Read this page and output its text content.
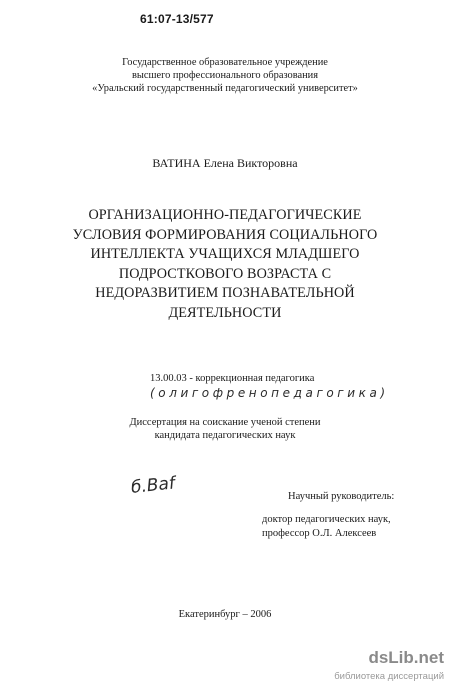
61:07-13/577
Государственное образовательное учреждение
высшего профессионального образования
«Уральский государственный педагогический университет»
ВАТИНА Елена Викторовна
ОРГАНИЗАЦИОННО-ПЕДАГОГИЧЕСКИЕ
УСЛОВИЯ ФОРМИРОВАНИЯ СОЦИАЛЬНОГО
ИНТЕЛЛЕКТА УЧАЩИХСЯ МЛАДШЕГО
ПОДРОСТКОВОГО ВОЗРАСТА С
НЕДОРАЗВИТИЕМ ПОЗНАВАТЕЛЬНОЙ
ДЕЯТЕЛЬНОСТИ
13.00.03 - коррекционная педагогика
(олигофренопедагогика)
Диссертация на соискание ученой степени
кандидата педагогических наук
б.Ваf	Научный руководитель:
доктор педагогических наук,
профессор О.Л. Алексеев
Екатеринбург – 2006
dsLib.net
библиотека диссертаций
